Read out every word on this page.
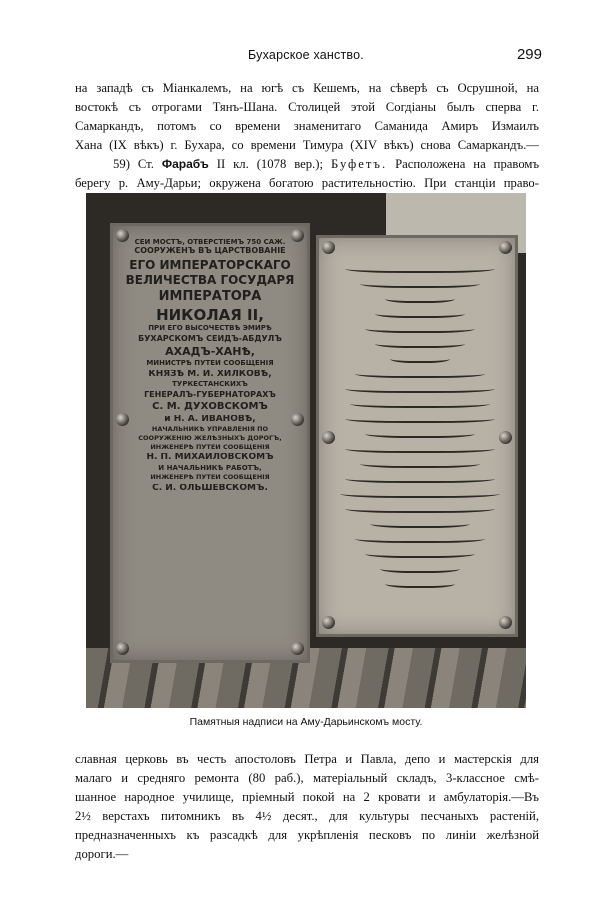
Бухарское ханство.	299
на западѣ съ Міанкалемъ, на югѣ съ Кешемъ, на сѣверѣ съ Осрушной, на
востокѣ съ отрогами Тянъ-Шана. Столицей этой Согдіаны былъ сперва г.
Самаркандъ, потомъ со времени знаменитаго Саманида Амиръ Измаилъ
Хана (IX вѣкъ) г. Бухара, со времени Тимура (XIV вѣкъ) снова Самаркандъ.—
59) Ст. Фарабъ II кл. (1078 вер.); Буфетъ. Расположена на правомъ
берегу р. Аму-Дарьи; окружена богатою растительностію. При станціи право-
СЕЙ МОСТЪ, ОТВЕРСТІЕМЪ 750 САЖ.
СООРУЖЕНЪ ВЪ ЦАРСТВОВАНІЕ
ЕГО ИМПЕРАТОРСКАГО
ВЕЛИЧЕСТВА ГОСУДАРЯ
ИМПЕРАТОРА
НИКОЛАЯ II,
ПРИ ЕГО ВЫСОЧЕСТВѢ ЭМИРѢ
БУХАРСКОМЪ СЕЙДЪ-АБДУЛЪ
АХАДЪ-ХАНѢ,
МИНИСТРѢ ПУТЕЙ СООБЩЕНІЯ
КНЯЗѢ М. И. ХИЛКОВѢ,
ТУРКЕСТАНСКИХЪ
ГЕНЕРАЛЪ-ГУБЕРНАТОРАХЪ
С. М. ДУХОВСКОМЪ
и Н. А. ИВАНОВѢ,
НАЧАЛЬНИКѢ УПРАВЛЕНІЯ ПО
СООРУЖЕНІЮ ЖЕЛѢЗНЫХЪ ДОРОГЪ,
ИНЖЕНЕРѢ ПУТЕЙ СООБЩЕНІЯ
Н. П. МИХАЙЛОВСКОМЪ
И НАЧАЛЬНИКѢ РАБОТЪ,
ИНЖЕНЕРѢ ПУТЕЙ СООБЩЕНІЯ
С. И. ОЛЬШЕВСКОМЪ.
Памятныя надписи на Аму-Дарьинскомъ мосту.
славная церковь въ честь апостоловъ Петра и Павла, депо и мастерскія для
малаго и средняго ремонта (80 раб.), матеріальный складъ, 3-классное смѣ-
шанное народное училище, пріемный покой на 2 кровати и амбулаторія.—Въ
2½ верстахъ питомникъ въ 4½ десят., для культуры песчаныхъ растеній,
предназначенныхъ къ разсадкѣ для укрѣпленія песковъ по линіи желѣзной
дороги.—
